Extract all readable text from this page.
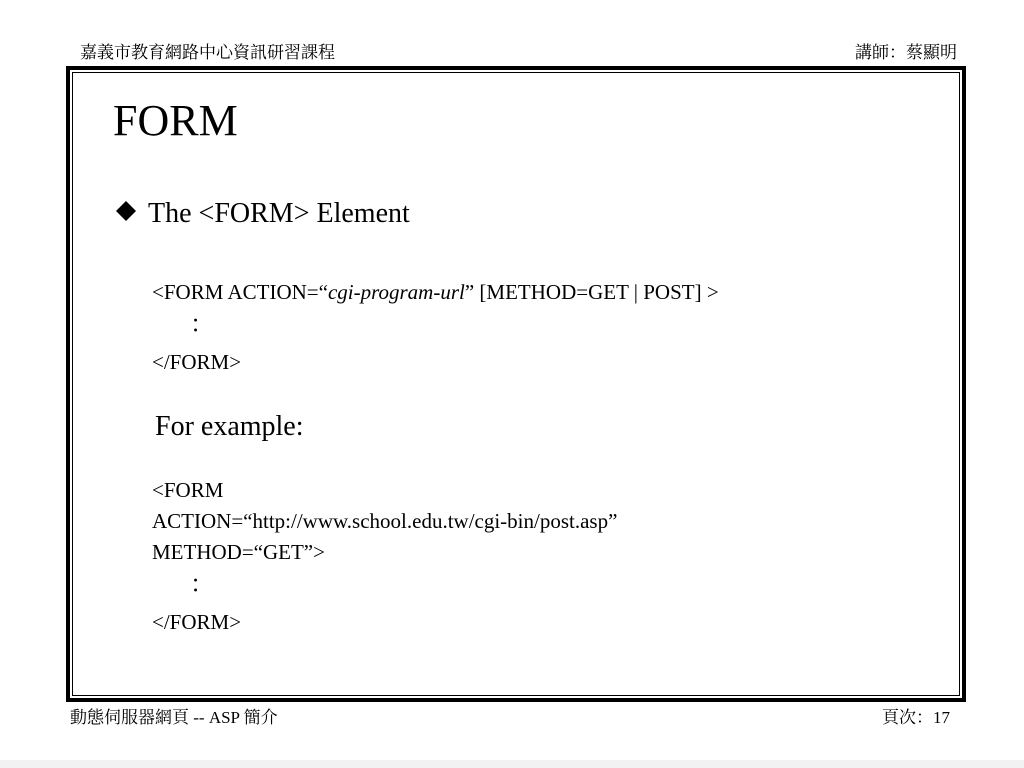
嘉義市教育網路中心資訊研習課程	講師：蔡顯明
FORM
The <FORM> Element
<FORM ACTION=“cgi-program-url” [METHOD=GET | POST] >
：
</FORM>
For example:
<FORM
ACTION=“http://www.school.edu.tw/cgi-bin/post.asp”
METHOD=“GET”>
：
</FORM>
動態伺服器網頁 -- ASP 簡介	頁次：17
